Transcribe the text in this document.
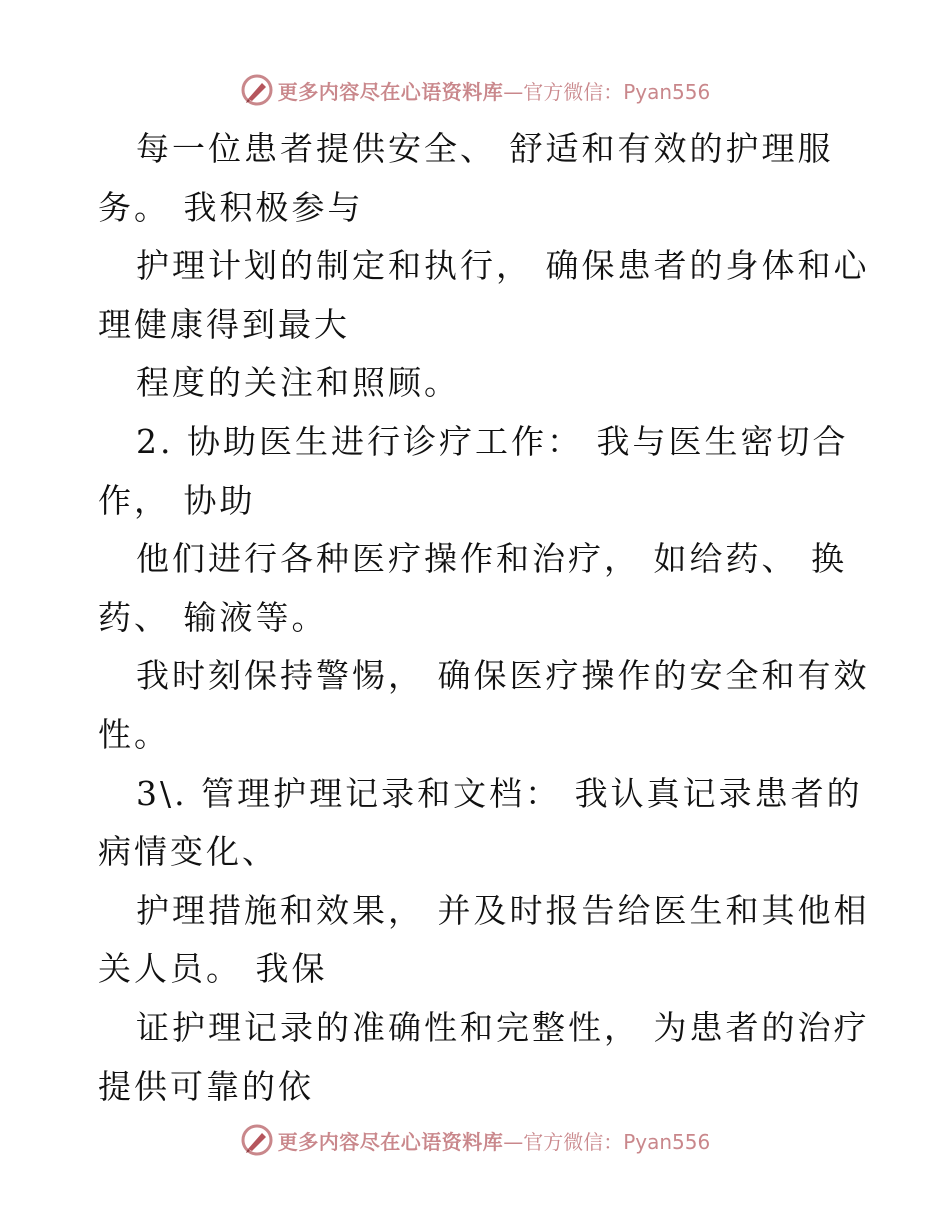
更多内容尽在心语资料库 —官方微信：Pyan556
每一位患者提供安全、 舒适和有效的护理服
务。 我积极参与
护理计划的制定和执行， 确保患者的身体和心
理健康得到最大
程度的关注和照顾。
2. 协助医生进行诊疗工作： 我与医生密切合
作， 协助
他们进行各种医疗操作和治疗， 如给药、 换
药、 输液等。
我时刻保持警惕， 确保医疗操作的安全和有效
性。
3\. 管理护理记录和文档： 我认真记录患者的
病情变化、
护理措施和效果， 并及时报告给医生和其他相
关人员。 我保
证护理记录的准确性和完整性， 为患者的治疗
提供可靠的依
更多内容尽在心语资料库 —官方微信：Pyan556
